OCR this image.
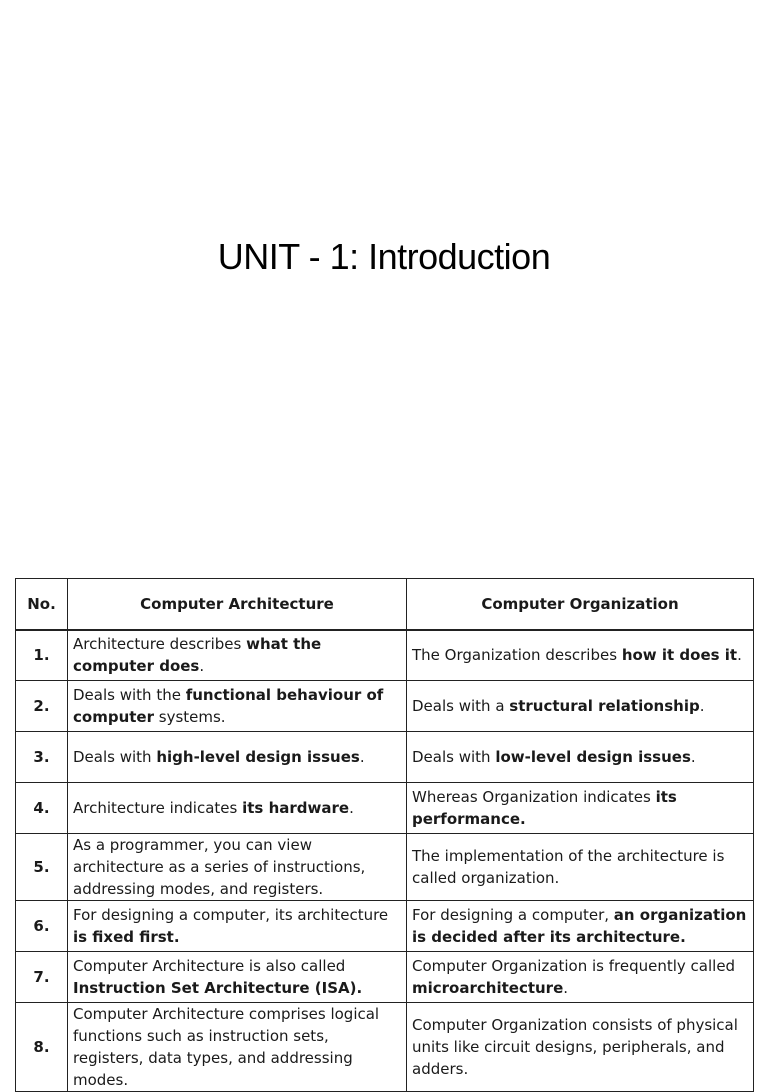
UNIT - 1: Introduction
No.	Computer Architecture	Computer Organization
1.	Architecture describes what the computer does.	The Organization describes how it does it.
2.	Deals with the functional behaviour of computer systems.	Deals with a structural relationship.
3.	Deals with high-level design issues.	Deals with low-level design issues.
4.	Architecture indicates its hardware.	Whereas Organization indicates its performance.
5.	As a programmer, you can view architecture as a series of instructions, addressing modes, and registers.	The implementation of the architecture is called organization.
6.	For designing a computer, its architecture is fixed first.	For designing a computer, an organization is decided after its architecture.
7.	Computer Architecture is also called Instruction Set Architecture (ISA).	Computer Organization is frequently called microarchitecture.
8.	Computer Architecture comprises logical functions such as instruction sets, registers, data types, and addressing modes.	Computer Organization consists of physical units like circuit designs, peripherals, and adders.
